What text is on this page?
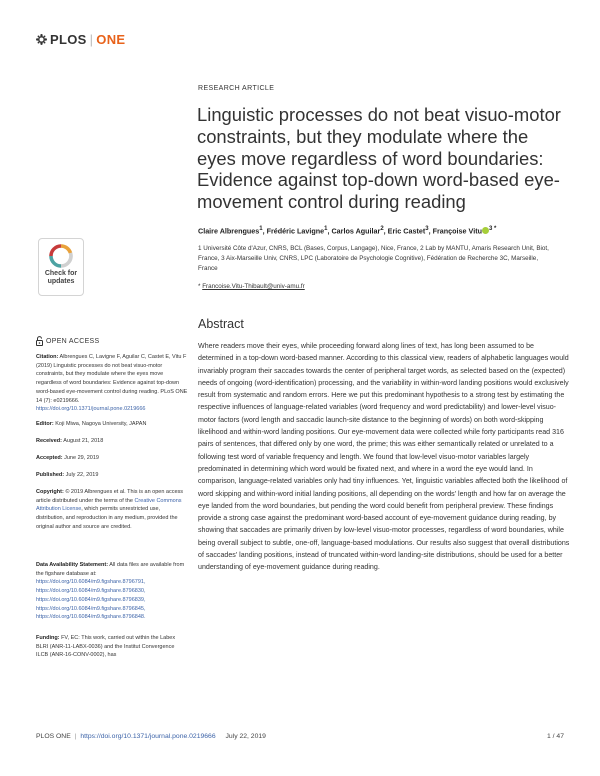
PLOS | ONE
RESEARCH ARTICLE
Linguistic processes do not beat visuo-motor constraints, but they modulate where the eyes move regardless of word boundaries: Evidence against top-down word-based eye-movement control during reading
Claire Albrengues$^1$, Frédéric Lavigne$^1$, Carlos Aguilar$^2$, Eric Castet$^3$, Françoise Vitu $^{3 *}$
1 Université Côte d'Azur, CNRS, BCL (Bases, Corpus, Langage), Nice, France, 2 Lab by MANTU, Amaris Research Unit, Biot, France, 3 Aix-Marseille Univ, CNRS, LPC (Laboratoire de Psychologie Cognitive), Fédération de Recherche 3C, Marseille, France
* Francoise.Vitu-Thibault@univ-amu.fr
Abstract

Where readers move their eyes, while proceeding forward along lines of text, has long been assumed to be determined in a top-down word-based manner. According to this classical view, readers of alphabetic languages would invariably program their saccades towards the center of peripheral target words, as selected based on the (expected) needs of ongoing (word-identification) processing, and the variability in within-word landing positions would exclusively result from systematic and random errors. Here we put this predominant hypothesis to a strong test by estimating the respective influences of language-related variables (word frequency and word predictability) and lower-level visuo-motor factors (word length and saccadic launch-site distance to the beginning of words) on both word-skipping likelihood and within-word landing positions. Our eye-movement data were collected while forty participants read 316 pairs of sentences, that differed only by one word, the prime; this was either semantically related or unrelated to a following test word of variable frequency and length. We found that low-level visuo-motor variables largely predominated in determining which word would be fixated next, and where in a word the eye would land. In comparison, language-related variables only had tiny influences. Yet, linguistic variables affected both the likelihood of word skipping and within-word initial landing positions, all depending on the words' length and how far on average the eye landed from the word boundaries, but pending the word could benefit from peripheral preview. These findings provide a strong case against the predominant word-based account of eye-movement guidance during reading, by showing that saccades are primarily driven by low-level visuo-motor processes, regardless of word boundaries, while being overall subject to subtle, one-off, language-based modulations. Our results also suggest that overall distributions of saccades' landing positions, instead of truncated within-word landing-site distributions, should be used for a better understanding of eye-movement guidance during reading.

Check for
updates
OPEN ACCESS
Citation: Albrengues C, Lavigne F, Aguilar C, Castet E, Vitu F (2019) Linguistic processes do not beat visuo-motor constraints, but they modulate where the eyes move regardless of word boundaries: Evidence against top-down word-based eye-movement control during reading. PLoS ONE 14 (7): e0219666. https://doi.org/10.1371/journal.pone.0219666
Editor: Koji Miwa, Nagoya University, JAPAN
Received: August 21, 2018
Accepted: June 29, 2019
Published: July 22, 2019
Copyright: © 2019 Albrengues et al. This is an open access article distributed under the terms of the Creative Commons Attribution License, which permits unrestricted use, distribution, and reproduction in any medium, provided the original author and source are credited.
Data Availability Statement: All data files are available from the figshare database at: https://doi.org/10.6084/m9.figshare.8796791, https://doi.org/10.6084/m9.figshare.8796830, https://doi.org/10.6084/m9.figshare.8796839, https://doi.org/10.6084/m9.figshare.8796845, https://doi.org/10.6084/m9.figshare.8796848.
Funding: FV, EC: This work, carried out within the Labex BLRI (ANR-11-LABX-0036) and the Institut Convergence ILCB (ANR-16-CONV-0002), has
PLOS ONE | https://doi.org/10.1371/journal.pone.0219666 July 22, 2019	1 / 47
